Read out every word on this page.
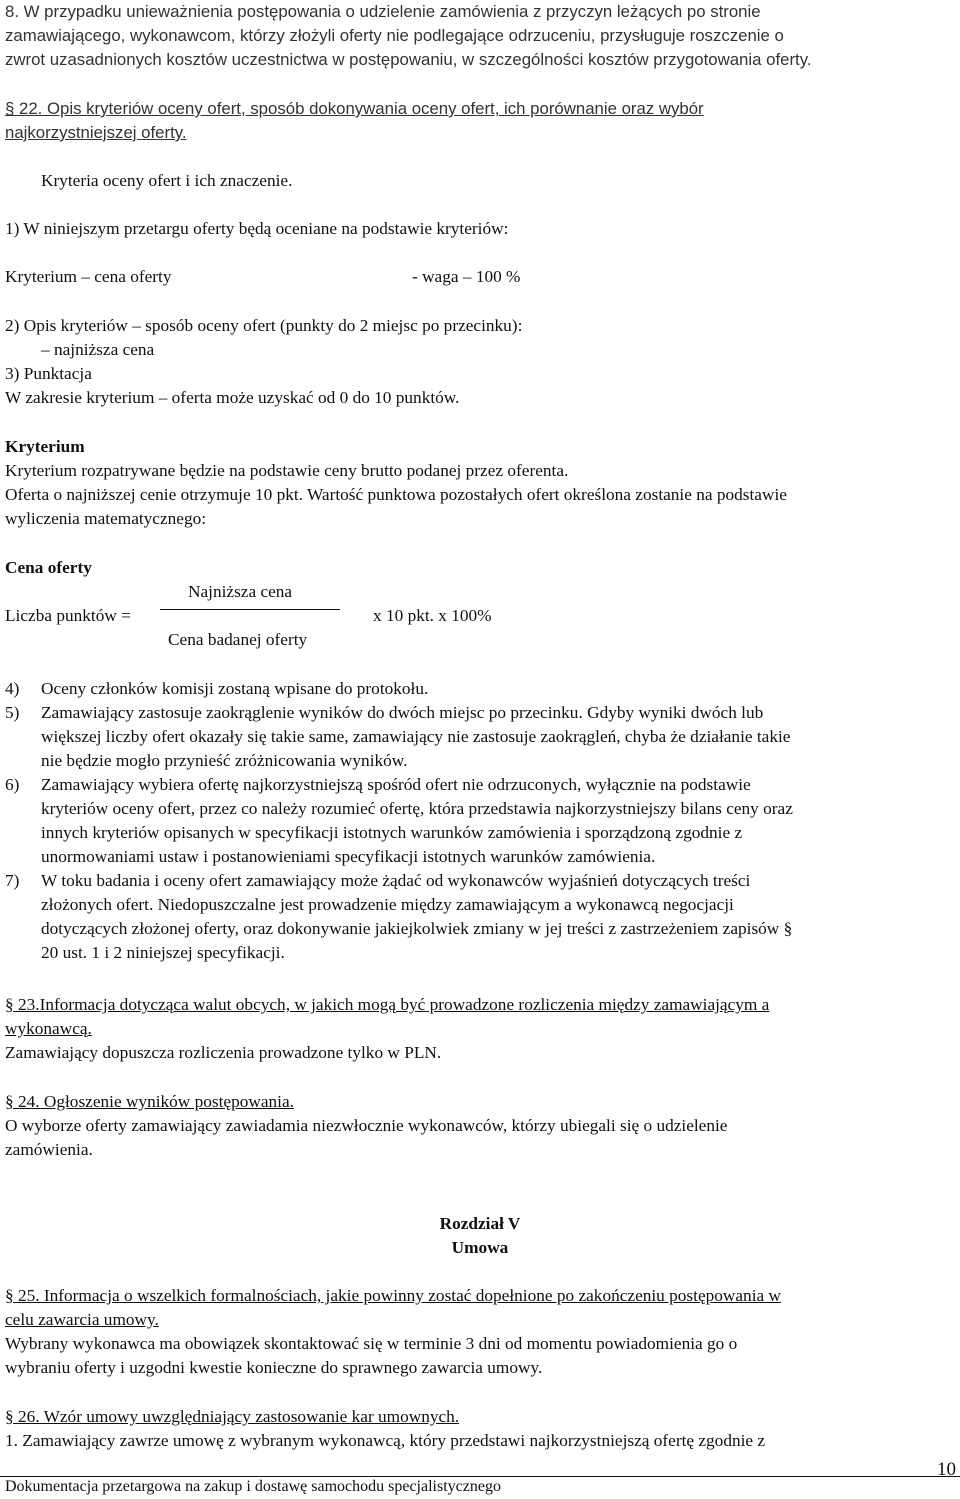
8. W przypadku unieważnienia postępowania o udzielenie zamówienia z przyczyn leżących po stronie
zamawiającego, wykonawcom, którzy złożyli oferty nie podlegające odrzuceniu, przysługuje roszczenie o
zwrot uzasadnionych kosztów uczestnictwa w postępowaniu, w szczególności kosztów przygotowania oferty.
§ 22. Opis kryteriów oceny ofert, sposób dokonywania oceny ofert, ich porównanie oraz wybór
najkorzystniejszej oferty.
Kryteria oceny ofert i ich znaczenie.
1) W niniejszym przetargu oferty będą oceniane na podstawie kryteriów:
Kryterium – cena oferty	- waga – 100 %
2) Opis kryteriów – sposób oceny ofert (punkty do 2 miejsc po przecinku):
– najniższa cena
3) Punktacja
W zakresie kryterium – oferta może uzyskać od 0 do 10 punktów.
Kryterium
Kryterium rozpatrywane będzie na podstawie ceny brutto podanej przez oferenta.
Oferta o najniższej cenie otrzymuje 10 pkt. Wartość punktowa pozostałych ofert określona zostanie na podstawie
wyliczenia matematycznego:
Cena oferty
Najniższa cena
Liczba punktów =	x 10 pkt. x 100%
Cena badanej oferty
4)	Oceny członków komisji zostaną wpisane do protokołu.
5)	Zamawiający zastosuje zaokrąglenie wyników do dwóch miejsc po przecinku. Gdyby wyniki dwóch lub
większej liczby ofert okazały się takie same, zamawiający nie zastosuje zaokrągleń, chyba że działanie takie
nie będzie mogło przynieść zróżnicowania wyników.
6)	Zamawiający wybiera ofertę najkorzystniejszą spośród ofert nie odrzuconych, wyłącznie na podstawie
kryteriów oceny ofert, przez co należy rozumieć ofertę, która przedstawia najkorzystniejszy bilans ceny oraz
innych kryteriów opisanych w specyfikacji istotnych warunków zamówienia i sporządzoną zgodnie z
unormowaniami ustaw i postanowieniami specyfikacji istotnych warunków zamówienia.
7)	W toku badania i oceny ofert zamawiający może żądać od wykonawców wyjaśnień dotyczących treści
złożonych ofert. Niedopuszczalne jest prowadzenie między zamawiającym a wykonawcą negocjacji
dotyczących złożonej oferty, oraz dokonywanie jakiejkolwiek zmiany w jej treści z zastrzeżeniem zapisów §
20 ust. 1 i 2 niniejszej specyfikacji.
§ 23.Informacja dotycząca walut obcych, w jakich mogą być prowadzone rozliczenia między zamawiającym a
wykonawcą.
Zamawiający dopuszcza rozliczenia prowadzone tylko w PLN.
§ 24. Ogłoszenie wyników postępowania.
O wyborze oferty zamawiający zawiadamia niezwłocznie wykonawców, którzy ubiegali się o udzielenie
zamówienia.
Rozdział V
Umowa
§ 25. Informacja o wszelkich formalnościach, jakie powinny zostać dopełnione po zakończeniu postępowania w
celu zawarcia umowy.
Wybrany wykonawca ma obowiązek skontaktować się w terminie 3 dni od momentu powiadomienia go o
wybraniu oferty i uzgodni kwestie konieczne do sprawnego zawarcia umowy.
§ 26. Wzór umowy uwzględniający zastosowanie kar umownych.
1. Zamawiający zawrze umowę z wybranym wykonawcą, który przedstawi najkorzystniejszą ofertę zgodnie z
10
Dokumentacja przetargowa na zakup i dostawę samochodu specjalistycznego
